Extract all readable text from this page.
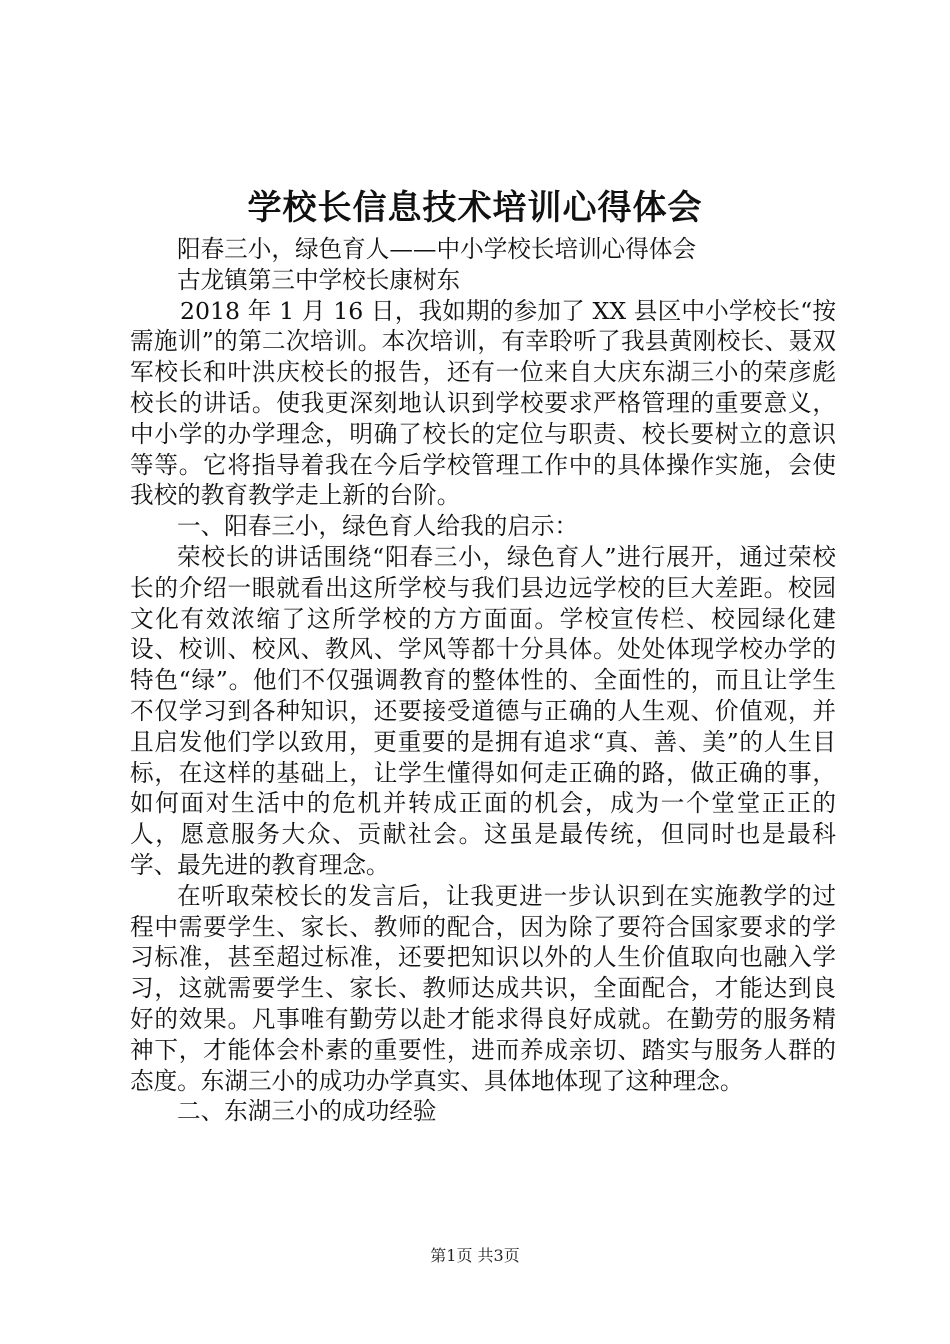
学校长信息技术培训心得体会

阳春三小，绿色育人——中小学校长培训心得体会

古龙镇第三中学校长康树东

2018 年 1 月 16 日，我如期的参加了 XX 县区中小学校长“按需施训”的第二次培训。本次培训，有幸聆听了我县黄刚校长、聂双军校长和叶洪庆校长的报告，还有一位来自大庆东湖三小的荣彦彪校长的讲话。使我更深刻地认识到学校要求严格管理的重要意义，中小学的办学理念，明确了校长的定位与职责、校长要树立的意识等等。它将指导着我在今后学校管理工作中的具体操作实施，会使我校的教育教学走上新的台阶。

一、阳春三小，绿色育人给我的启示：

荣校长的讲话围绕“阳春三小，绿色育人”进行展开，通过荣校长的介绍一眼就看出这所学校与我们县边远学校的巨大差距。校园文化有效浓缩了这所学校的方方面面。学校宣传栏、校园绿化建设、校训、校风、教风、学风等都十分具体。处处体现学校办学的特色“绿”。他们不仅强调教育的整体性的、全面性的，而且让学生不仅学习到各种知识，还要接受道德与正确的人生观、价值观，并且启发他们学以致用，更重要的是拥有追求“真、善、美”的人生目标，在这样的基础上，让学生懂得如何走正确的路，做正确的事，如何面对生活中的危机并转成正面的机会，成为一个堂堂正正的人，愿意服务大众、贡献社会。这虽是最传统，但同时也是最科学、最先进的教育理念。

在听取荣校长的发言后，让我更进一步认识到在实施教学的过程中需要学生、家长、教师的配合，因为除了要符合国家要求的学习标准，甚至超过标准，还要把知识以外的人生价值取向也融入学习，这就需要学生、家长、教师达成共识，全面配合，才能达到良好的效果。凡事唯有勤劳以赴才能求得良好成就。在勤劳的服务精神下，才能体会朴素的重要性，进而养成亲切、踏实与服务人群的态度。东湖三小的成功办学真实、具体地体现了这种理念。

二、东湖三小的成功经验

第1页 共3页
